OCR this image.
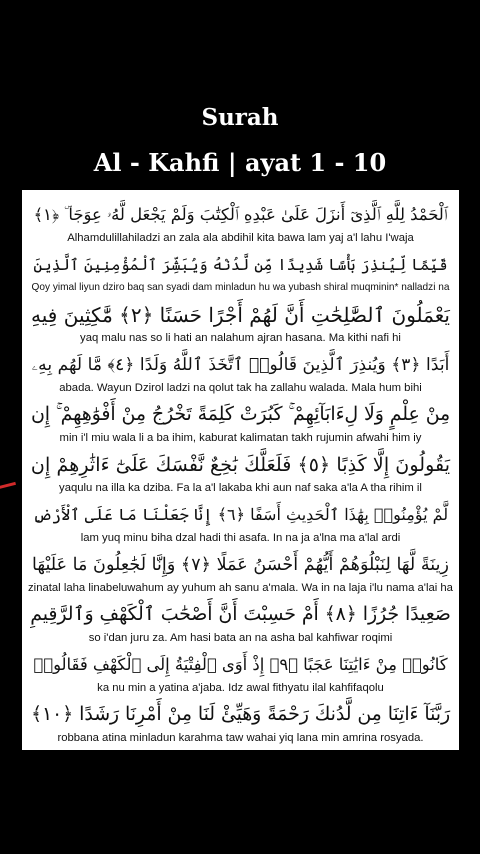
Surah
Al - Kahfi | ayat 1 - 10
ٱلْحَمْدُ لِلَّهِ ٱلَّذِىٓ أَنزَلَ عَلَىٰ عَبْدِهِ ٱلْكِتَٰبَ وَلَمْ يَجْعَل لَّهُۥ عِوَجَا ۜ ﴿١﴾
Alhamdulillahiladzi an zala ala abdihil kita bawa lam yaj a'l lahu I'waja
قَيِّمًا لِّيُنذِرَ بَأْسًا شَدِيدًا مِّن لَّدُنْهُ وَيُبَشِّرَ ٱلْمُؤْمِنِينَ ٱلَّذِينَ
Qoy yimal liyun dziro baq san syadi dam minladun hu wa yubash shiral muqminin* nalladzi na
يَعْمَلُونَ ٱلصَّٰلِحَٰتِ أَنَّ لَهُمْ أَجْرًا حَسَنًا ﴿٢﴾ مَّٰكِثِينَ فِيهِ
yaq malu nas so li hati an nalahum ajran hasana. Ma kithi nafi hi
أَبَدًا ﴿٣﴾ وَيُنذِرَ ٱلَّذِينَ قَالُوا۟ ٱتَّخَذَ ٱللَّهُ وَلَدًا ﴿٤﴾ مَّا لَهُم بِهِۦ
abada. Wayun Dzirol ladzi na qolut tak ha zallahu walada. Mala hum bihi
مِنْ عِلْمٍ وَلَا لِءَابَآئِهِمْ ۚ كَبُرَتْ كَلِمَةً تَخْرُجُ مِنْ أَفْوَٰهِهِمْ ۚ إِن
min i'l miu wala li a ba ihim, kaburat kalimatan takh rujumin afwahi him iy
يَقُولُونَ إِلَّا كَذِبًا ﴿٥﴾ فَلَعَلَّكَ بَٰخِعٌ نَّفْسَكَ عَلَىٰٓ ءَاثَٰرِهِمْ إِن
yaqulu na illa ka dziba. Fa la a'l lakaba khi aun naf saka a'la A tha rihim il
لَّمْ يُؤْمِنُوا۟ بِهَٰذَا ٱلْحَدِيثِ أَسَفًا ﴿٦﴾ إِنَّا جَعَلْنَا مَا عَلَى ٱلْأَرْضِ
lam yuq minu biha dzal hadi thi asafa. In na ja a'lna ma a'lal ardi
زِينَةً لَّهَا لِنَبْلُوَهُمْ أَيُّهُمْ أَحْسَنُ عَمَلًا ﴿٧﴾ وَإِنَّا لَجَٰعِلُونَ مَا عَلَيْهَا
zinatal laha linabeluwahum ay yuhum ah sanu a'mala. Wa in na laja i'lu nama a'lai ha
صَعِيدًا جُرُزًا ﴿٨﴾ أَمْ حَسِبْتَ أَنَّ أَصْحَٰبَ ٱلْكَهْفِ وَٱلرَّقِيمِ
so i'dan juru za. Am hasi bata an na asha bal kahfiwar roqimi
كَانُوا۟ مِنْ ءَايَٰتِنَا عَجَبًا ﴿٩﴾ إِذْ أَوَى ٱلْفِتْيَةُ إِلَى ٱلْكَهْفِ فَقَالُوا۟
ka nu min a yatina a'jaba. Idz awal fithyatu ilal kahfifaqolu
رَبَّنَآ ءَاتِنَا مِن لَّدُنكَ رَحْمَةً وَهَيِّئْ لَنَا مِنْ أَمْرِنَا رَشَدًا ﴿١٠﴾
robbana atina minladun karahma taw wahai yiq lana min amrina rosyada.
